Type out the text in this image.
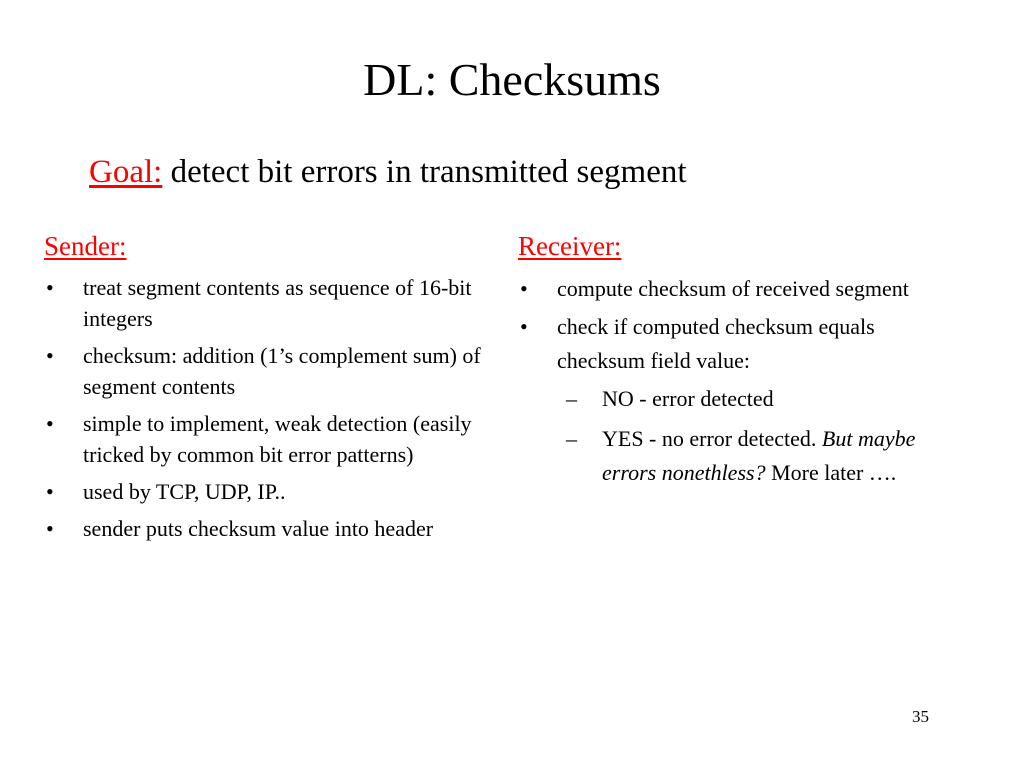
DL: Checksums
Goal: detect bit errors in transmitted segment
Sender:
• treat segment contents as sequence of 16-bit integers
• checksum: addition (1’s complement sum) of segment contents
• simple to implement, weak detection (easily tricked by common bit error patterns)
• used by TCP, UDP, IP..
• sender puts checksum value into header
Receiver:
• compute checksum of received segment
• check if computed checksum equals checksum field value:
– NO - error detected
– YES - no error detected. But maybe errors nonethless? More later ….
35
